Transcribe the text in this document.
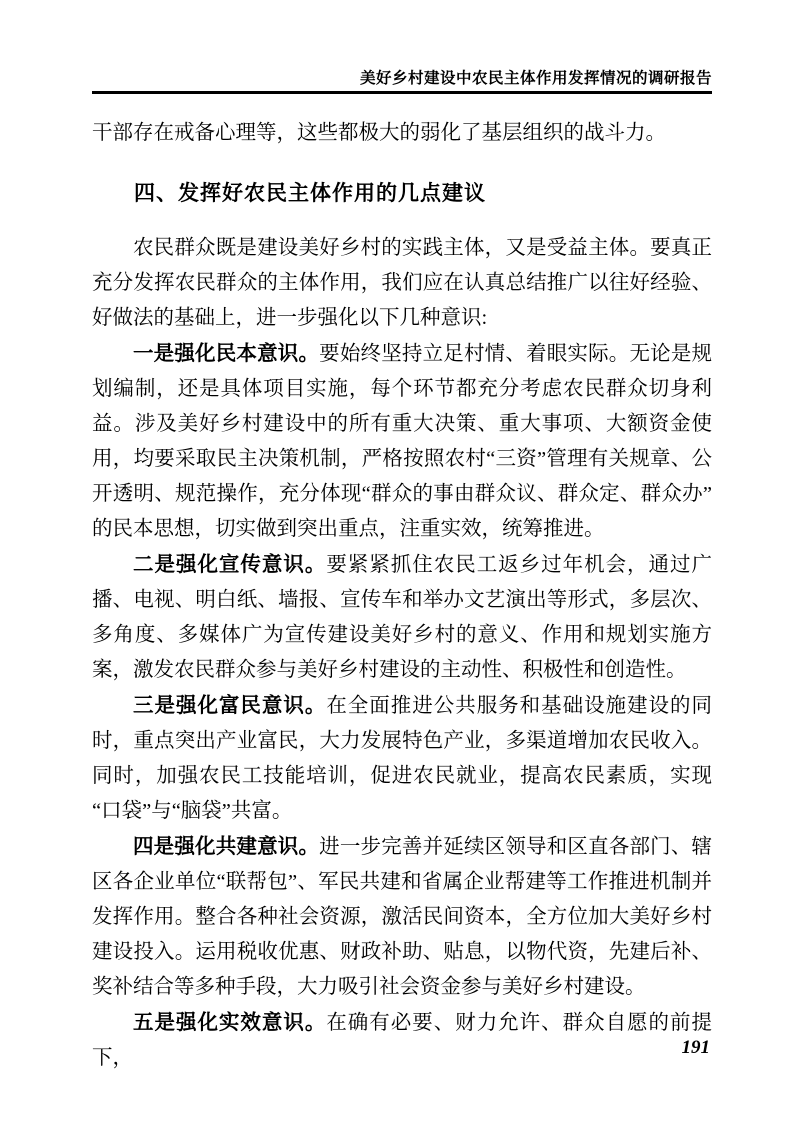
美好乡村建设中农民主体作用发挥情况的调研报告

干部存在戒备心理等，这些都极大的弱化了基层组织的战斗力。

四、发挥好农民主体作用的几点建议

农民群众既是建设美好乡村的实践主体，又是受益主体。要真正充分发挥农民群众的主体作用，我们应在认真总结推广以往好经验、好做法的基础上，进一步强化以下几种意识:

一是强化民本意识。要始终坚持立足村情、着眼实际。无论是规划编制，还是具体项目实施，每个环节都充分考虑农民群众切身利益。涉及美好乡村建设中的所有重大决策、重大事项、大额资金使用，均要采取民主决策机制，严格按照农村“三资”管理有关规章、公开透明、规范操作，充分体现“群众的事由群众议、群众定、群众办”的民本思想，切实做到突出重点，注重实效，统筹推进。

二是强化宣传意识。要紧紧抓住农民工返乡过年机会，通过广播、电视、明白纸、墙报、宣传车和举办文艺演出等形式，多层次、多角度、多媒体广为宣传建设美好乡村的意义、作用和规划实施方案，激发农民群众参与美好乡村建设的主动性、积极性和创造性。

三是强化富民意识。在全面推进公共服务和基础设施建设的同时，重点突出产业富民，大力发展特色产业，多渠道增加农民收入。同时，加强农民工技能培训，促进农民就业，提高农民素质，实现“口袋”与“脑袋”共富。

四是强化共建意识。进一步完善并延续区领导和区直各部门、辖区各企业单位“联帮包”、军民共建和省属企业帮建等工作推进机制并发挥作用。整合各种社会资源，激活民间资本，全方位加大美好乡村建设投入。运用税收优惠、财政补助、贴息，以物代资，先建后补、奖补结合等多种手段，大力吸引社会资金参与美好乡村建设。

五是强化实效意识。在确有必要、财力允许、群众自愿的前提下，	191
